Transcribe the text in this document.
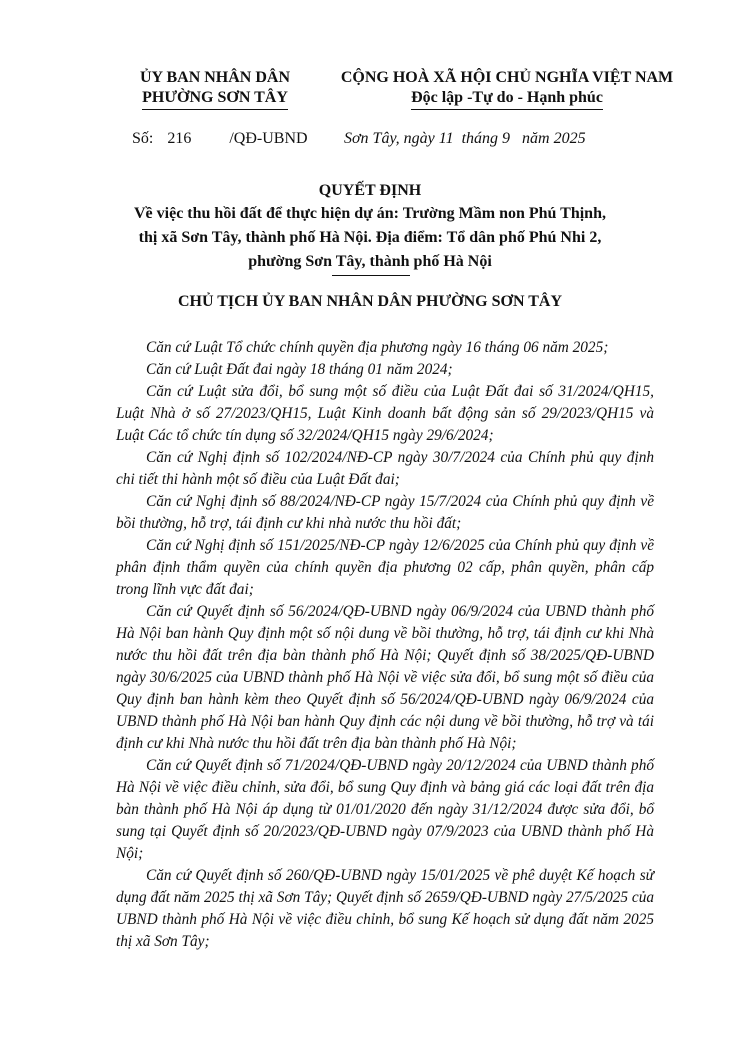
ỦY BAN NHÂN DÂN
PHƯỜNG SƠN TÂY
CỘNG HOÀ XÃ HỘI CHỦ NGHĨA VIỆT NAM
Độc lập -Tự do - Hạnh phúc
Số: 216 /QĐ-UBND Sơn Tây, ngày 11  tháng 9   năm 2025
QUYẾT ĐỊNH
Về việc thu hồi đất để thực hiện dự án: Trường Mầm non Phú Thịnh,
thị xã Sơn Tây, thành phố Hà Nội. Địa điểm: Tổ dân phố Phú Nhi 2,
phường Sơn Tây, thành phố Hà Nội
CHỦ TỊCH ỦY BAN NHÂN DÂN PHƯỜNG SƠN TÂY

Căn cứ Luật Tổ chức chính quyền địa phương ngày 16 tháng 06 năm 2025;

Căn cứ Luật Đất đai ngày 18 tháng 01 năm 2024;

Căn cứ Luật sửa đổi, bổ sung một số điều của Luật Đất đai số 31/2024/QH15, Luật Nhà ở số 27/2023/QH15, Luật Kinh doanh bất động sản số 29/2023/QH15 và Luật Các tổ chức tín dụng số 32/2024/QH15 ngày 29/6/2024;

Căn cứ Nghị định số 102/2024/NĐ-CP ngày 30/7/2024 của Chính phủ quy định chi tiết thi hành một số điều của Luật Đất đai;

Căn cứ Nghị định số 88/2024/NĐ-CP ngày 15/7/2024 của Chính phủ quy định về bồi thường, hỗ trợ, tái định cư khi nhà nước thu hồi đất;

Căn cứ Nghị định số 151/2025/NĐ-CP ngày 12/6/2025 của Chính phủ quy định về phân định thẩm quyền của chính quyền địa phương 02 cấp, phân quyền, phân cấp trong lĩnh vực đất đai;

Căn cứ Quyết định số 56/2024/QĐ-UBND ngày 06/9/2024 của UBND thành phố Hà Nội ban hành Quy định một số nội dung về bồi thường, hỗ trợ, tái định cư khi Nhà nước thu hồi đất trên địa bàn thành phố Hà Nội; Quyết định số 38/2025/QĐ-UBND ngày 30/6/2025 của UBND thành phố Hà Nội về việc sửa đổi, bổ sung một số điều của Quy định ban hành kèm theo Quyết định số 56/2024/QĐ-UBND ngày 06/9/2024 của UBND thành phố Hà Nội ban hành Quy định các nội dung về bồi thường, hỗ trợ và tái định cư khi Nhà nước thu hồi đất trên địa bàn thành phố Hà Nội;

Căn cứ Quyết định số 71/2024/QĐ-UBND ngày 20/12/2024 của UBND thành phố Hà Nội về việc điều chỉnh, sửa đổi, bổ sung Quy định và bảng giá các loại đất trên địa bàn thành phố Hà Nội áp dụng từ 01/01/2020 đến ngày 31/12/2024 được sửa đổi, bổ sung tại Quyết định số 20/2023/QĐ-UBND ngày 07/9/2023 của UBND thành phố Hà Nội;

Căn cứ Quyết định số 260/QĐ-UBND ngày 15/01/2025 về phê duyệt Kế hoạch sử dụng đất năm 2025 thị xã Sơn Tây; Quyết định số 2659/QĐ-UBND ngày 27/5/2025 của UBND thành phố Hà Nội về việc điều chỉnh, bổ sung Kế hoạch sử dụng đất năm 2025 thị xã Sơn Tây;
